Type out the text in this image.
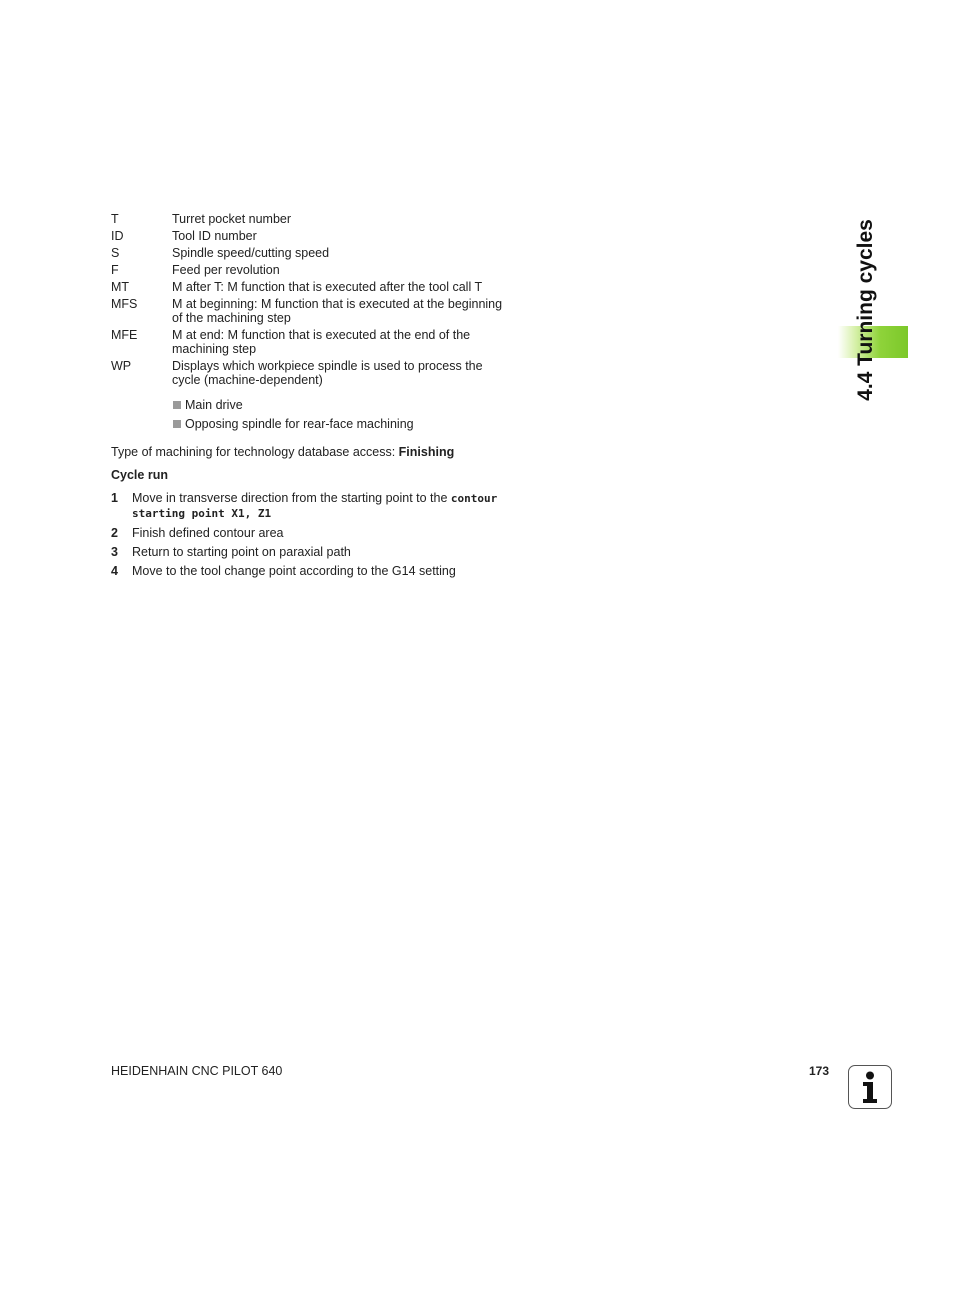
T	Turret pocket number
ID	Tool ID number
S	Spindle speed/cutting speed
F	Feed per revolution
MT	M after T: M function that is executed after the tool call T
MFS	M at beginning: M function that is executed at the beginning of the machining step
MFE	M at end: M function that is executed at the end of the machining step
WP	Displays which workpiece spindle is used to process the cycle (machine-dependent)
Main drive
Opposing spindle for rear-face machining
Type of machining for technology database access: Finishing
Cycle run
1	Move in transverse direction from the starting point to the contour starting point X1, Z1
2	Finish defined contour area
3	Return to starting point on paraxial path
4	Move to the tool change point according to the G14 setting
4.4 Turning cycles
HEIDENHAIN CNC PILOT 640	173
